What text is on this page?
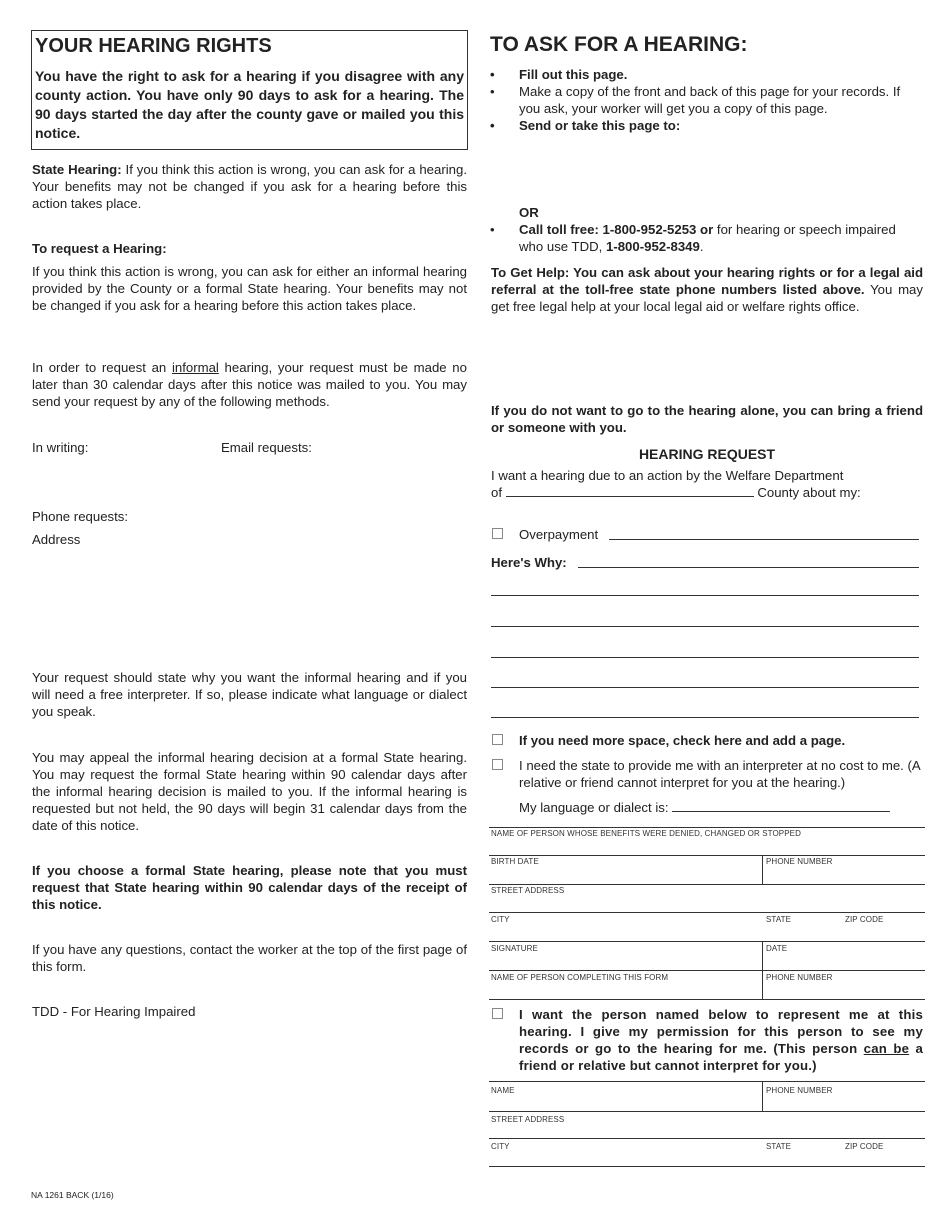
YOUR HEARING RIGHTS
You have the right to ask for a hearing if you disagree with any county action. You have only 90 days to ask for a hearing. The 90 days started the day after the county gave or mailed you this notice.
State Hearing: If you think this action is wrong, you can ask for a hearing. Your benefits may not be changed if you ask for a hearing before this action takes place.
To request a Hearing:
If you think this action is wrong, you can ask for either an informal hearing provided by the County or a formal State hearing. Your benefits may not be changed if you ask for a hearing before this action takes place.
In order to request an informal hearing, your request must be made no later than 30 calendar days after this notice was mailed to you. You may send your request by any of the following methods.
In writing:	Email requests:
Phone requests:
Address
Your request should state why you want the informal hearing and if you will need a free interpreter. If so, please indicate what language or dialect you speak.
You may appeal the informal hearing decision at a formal State hearing. You may request the formal State hearing within 90 calendar days after the informal hearing decision is mailed to you. If the informal hearing is requested but not held, the 90 days will begin 31 calendar days from the date of this notice.
If you choose a formal State hearing, please note that you must request that State hearing within 90 calendar days of the receipt of this notice.
If you have any questions, contact the worker at the top of the first page of this form.
TDD - For Hearing Impaired
NA 1261 BACK (1/16)
TO ASK FOR A HEARING:
• Fill out this page.
• Make a copy of the front and back of this page for your records. If you ask, your worker will get you a copy of this page.
• Send or take this page to:
OR
• Call toll free: 1-800-952-5253 or for hearing or speech impaired who use TDD, 1-800-952-8349.
To Get Help: You can ask about your hearing rights or for a legal aid referral at the toll-free state phone numbers listed above. You may get free legal help at your local legal aid or welfare rights office.
If you do not want to go to the hearing alone, you can bring a friend or someone with you.
HEARING REQUEST
I want a hearing due to an action by the Welfare Department
of	County about my:
Overpayment
Here's Why:
If you need more space, check here and add a page.
I need the state to provide me with an interpreter at no cost to me. (A relative or friend cannot interpret for you at the hearing.)
My language or dialect is:
NAME OF PERSON WHOSE BENEFITS WERE DENIED, CHANGED OR STOPPED
BIRTH DATE	PHONE NUMBER
STREET ADDRESS
CITY	STATE	ZIP CODE
SIGNATURE	DATE
NAME OF PERSON COMPLETING THIS FORM	PHONE NUMBER
I want the person named below to represent me at this hearing. I give my permission for this person to see my records or go to the hearing for me. (This person can be a friend or relative but cannot interpret for you.)
NAME	PHONE NUMBER
STREET ADDRESS
CITY	STATE	ZIP CODE
